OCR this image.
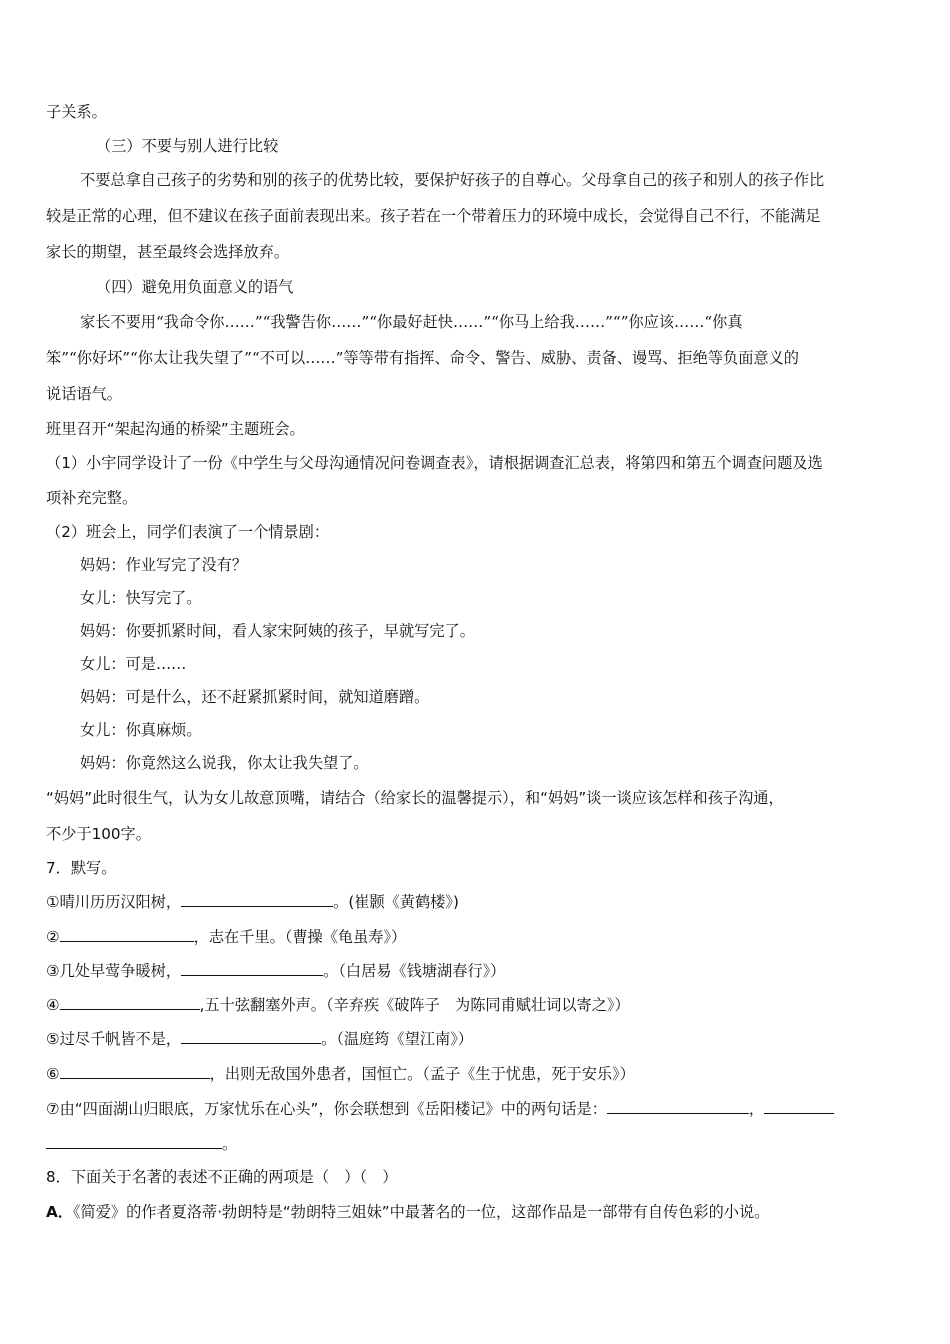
子关系。
（三）不要与别人进行比较
不要总拿自己孩子的劣势和别的孩子的优势比较，要保护好孩子的自尊心。父母拿自己的孩子和别人的孩子作比
较是正常的心理，但不建议在孩子面前表现出来。孩子若在一个带着压力的环境中成长，会觉得自己不行，不能满足
家长的期望，甚至最终会选择放弃。
（四）避免用负面意义的语气
家长不要用“我命令你……”“我警告你……”“你最好赶快……”“你马上给我……”“”你应该……“你真
笨”“你好坏”“你太让我失望了”“不可以……”等等带有指挥、命令、警告、威胁、责备、谩骂、拒绝等负面意义的
说话语气。
班里召开“架起沟通的桥梁”主题班会。
（1）小宇同学设计了一份《中学生与父母沟通情况问卷调查表》，请根据调查汇总表，将第四和第五个调查问题及选
项补充完整。
（2）班会上，同学们表演了一个情景剧：
妈妈：作业写完了没有？
女儿：快写完了。
妈妈：你要抓紧时间，看人家宋阿姨的孩子，早就写完了。
女儿：可是……
妈妈：可是什么，还不赶紧抓紧时间，就知道磨蹭。
女儿：你真麻烦。
妈妈：你竟然这么说我，你太让我失望了。
“妈妈”此时很生气，认为女儿故意顶嘴，请结合（给家长的温馨提示），和“妈妈”谈一谈应该怎样和孩子沟通，
不少于100字。
7．默写。
①晴川历历汉阳树，	。(崔颢《黄鹤楼》)
②	，志在千里。（曹操《龟虽寿》）
③几处早莺争暖树，	。（白居易《钱塘湖春行》）
④	,五十弦翻塞外声。（辛弃疾《破阵子　为陈同甫赋壮词以寄之》）
⑤过尽千帆皆不是，	。（温庭筠《望江南》）
⑥	，出则无敌国外患者，国恒亡。（孟子《生于忧患，死于安乐》）
⑦由“四面湖山归眼底，万家忧乐在心头”，你会联想到《岳阳楼记》中的两句话是：	，
。
8．下面关于名著的表述不正确的两项是（　）（　）
A．《简爱》的作者夏洛蒂·勃朗特是“勃朗特三姐妹”中最著名的一位，这部作品是一部带有自传色彩的小说。
